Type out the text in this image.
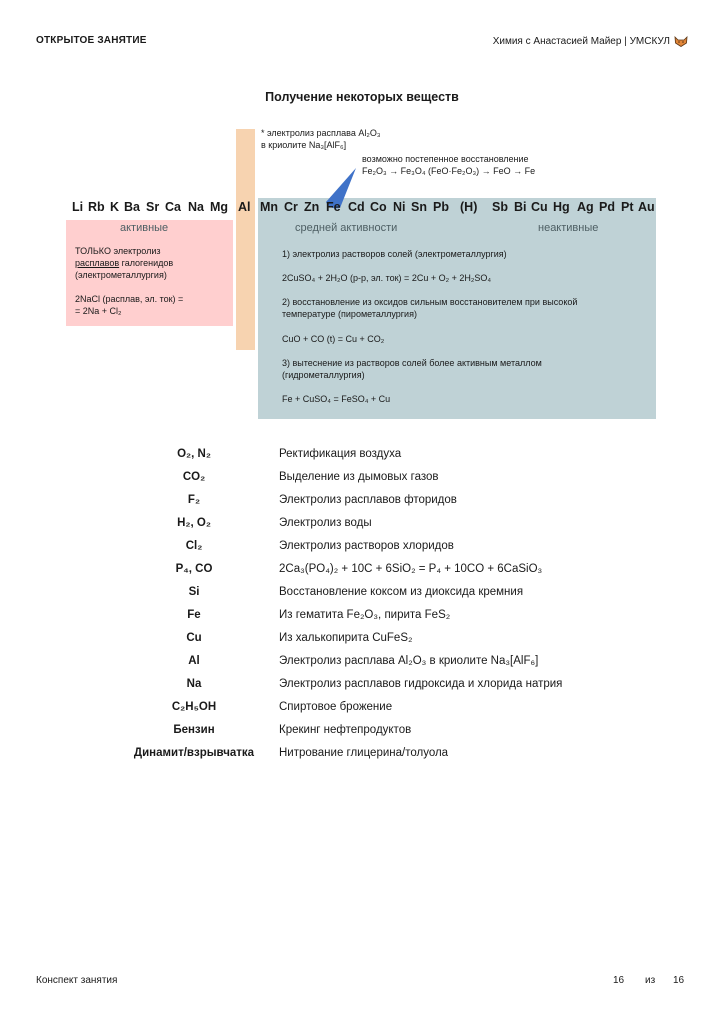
ОТКРЫТОЕ ЗАНЯТИЕ	Химия с Анастасией Майер | УМСКУЛ
Получение некоторых веществ
* электролиз расплава Al₂O₃
в криолите Na₃[AlF₆]
возможно постепенное восстановление
Fe₂O₃ → Fe₃O₄ (FeO·Fe₂O₃) → FeO → Fe
Li Rb K Ba Sr Ca Na Mg Al Mn Cr Zn Fe Cd Co Ni Sn Pb (H) Sb Bi Cu Hg Ag Pd Pt Au
активные	средней активности	неактивные
ТОЛЬКО электролиз
расплавов галогенидов
(электрометаллургия)
2NaCl (расплав, эл. ток) =
= 2Na + Cl₂
1) электролиз растворов солей (электрометаллургия)
2CuSO₄ + 2H₂O (р-р, эл. ток) = 2Cu + O₂ + 2H₂SO₄
2) восстановление из оксидов сильным восстановителем при высокой
температуре (пирометаллургия)
CuO + CO (t) = Cu + CO₂
3) вытеснение из растворов солей более активным металлом
(гидрометаллургия)
Fe + CuSO₄ = FeSO₄ + Cu
O₂, N₂	Ректификация воздуха
CO₂	Выделение из дымовых газов
F₂	Электролиз расплавов фторидов
H₂, O₂	Электролиз воды
Cl₂	Электролиз растворов хлоридов
P₄, CO	2Ca₃(PO₄)₂ + 10C + 6SiO₂ = P₄ + 10CO + 6CaSiO₃
Si	Восстановление коксом из диоксида кремния
Fe	Из гематита Fe₂O₃, пирита FeS₂
Cu	Из халькопирита CuFeS₂
Al	Электролиз расплава Al₂O₃ в криолите Na₃[AlF₆]
Na	Электролиз расплавов гидроксида и хлорида натрия
C₂H₅OH	Спиртовое брожение
Бензин	Крекинг нефтепродуктов
Динамит/взрывчатка	Нитрование глицерина/толуола
Конспект занятия	16 из 16
